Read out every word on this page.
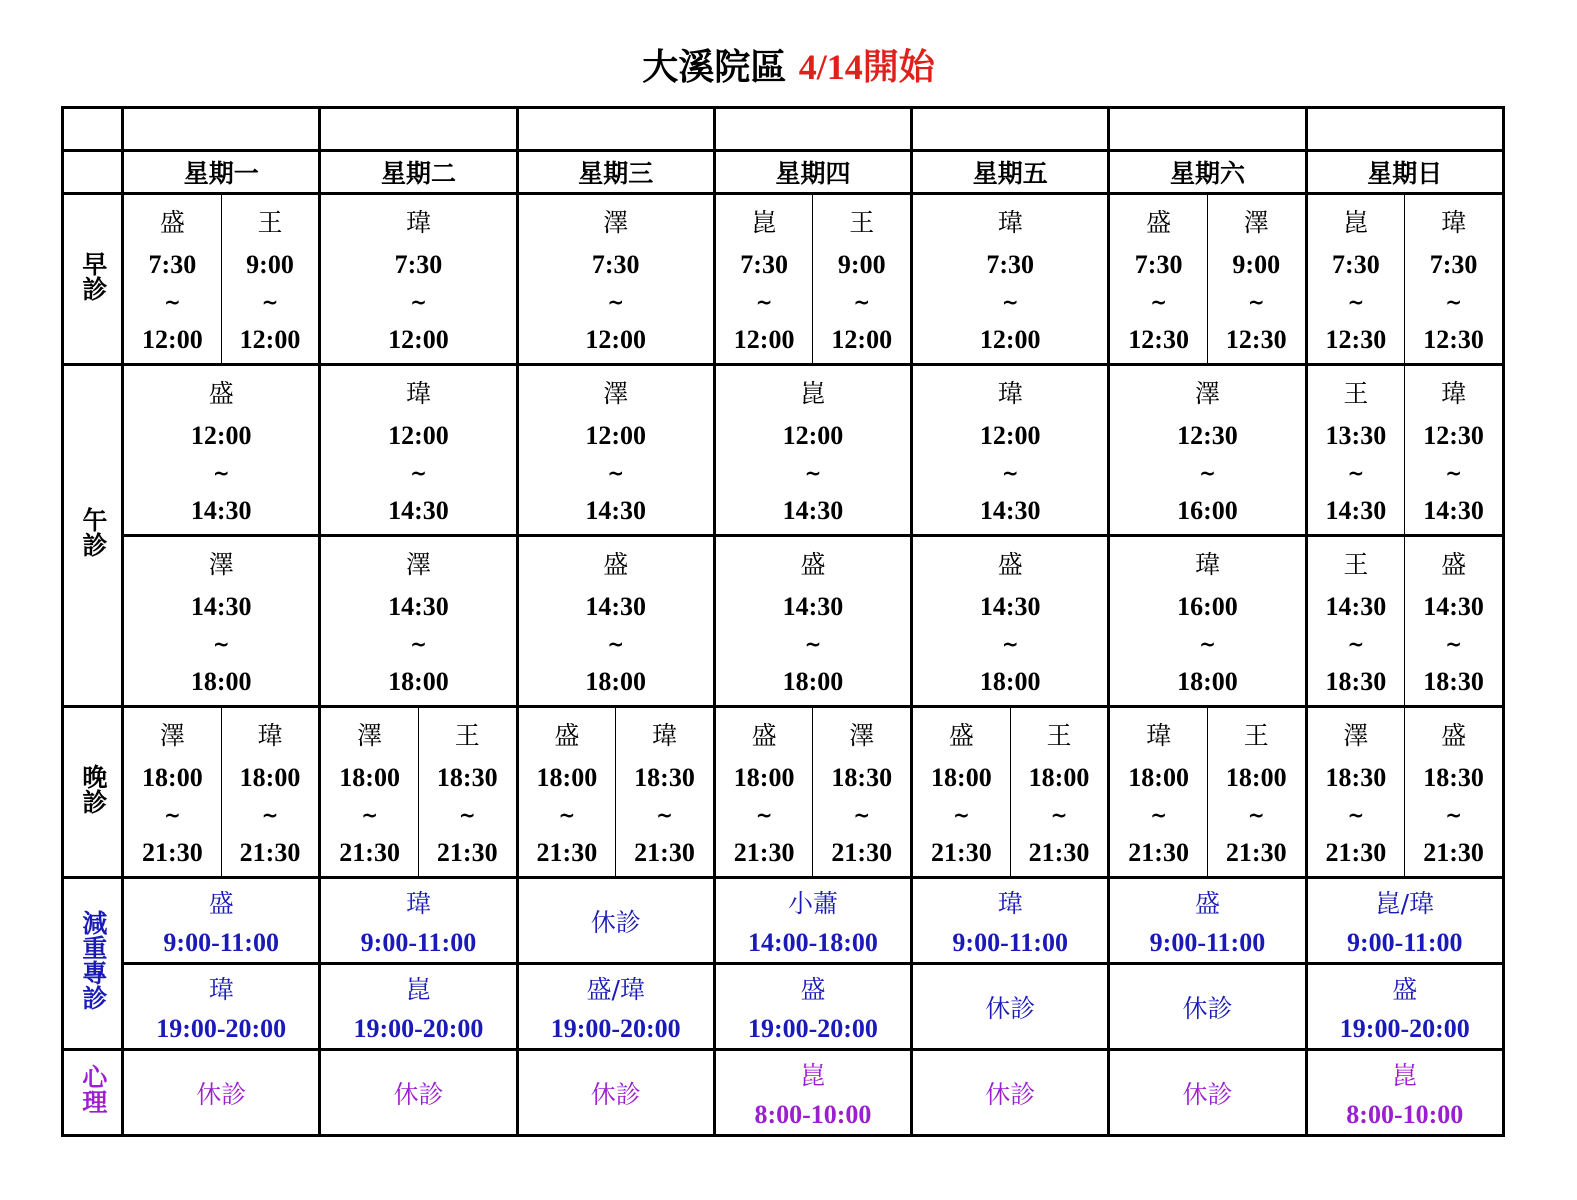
大溪院區 4/14開始

	星期一		星期二		星期三		星期四		星期五		星期六		星期日	
早診	盛
7:30
~
12:00	王
9:00
~
12:00	瑋
7:30
~
12:00		澤
7:30
~
12:00		崑
7:30
~
12:00	王
9:00
~
12:00	瑋
7:30
~
12:00		盛
7:30
~
12:30	澤
9:00
~
12:30	崑
7:30
~
12:30	瑋
7:30
~
12:30

午診	盛
12:00
~
14:30		瑋
12:00
~
14:30		澤
12:00
~
14:30		崑
12:00
~
14:30		瑋
12:00
~
14:30		澤
12:30
~
16:00		王
13:30
~
14:30	瑋
12:30
~
14:30

	澤
14:30
~
18:00		澤
14:30
~
18:00		盛
14:30
~
18:00		盛
14:30
~
18:00		盛
14:30
~
18:00		瑋
16:00
~
18:00		王
14:30
~
18:30	盛
14:30
~
18:30

晚診	澤
18:00
~
21:30	瑋
18:00
~
21:30	澤
18:00
~
21:30	王
18:30
~
21:30	盛
18:00
~
21:30	瑋
18:30
~
21:30	盛
18:00
~
21:30	澤
18:30
~
21:30	盛
18:00
~
21:30	王
18:00
~
21:30	瑋
18:00
~
21:30	王
18:00
~
21:30	澤
18:30
~
21:30	盛
18:30
~
21:30

減重專診	盛
9:00-11:00		瑋
9:00-11:00		休診		小蕭
14:00-18:00		瑋
9:00-11:00		盛
9:00-11:00		崑/瑋
9:00-11:00	

	瑋
19:00-20:00		崑
19:00-20:00		盛/瑋
19:00-20:00		盛
19:00-20:00		休診		休診		盛
19:00-20:00	

心理	休診		休診		休診		崑
8:00-10:00		休診		休診		崑
8:00-10:00	
